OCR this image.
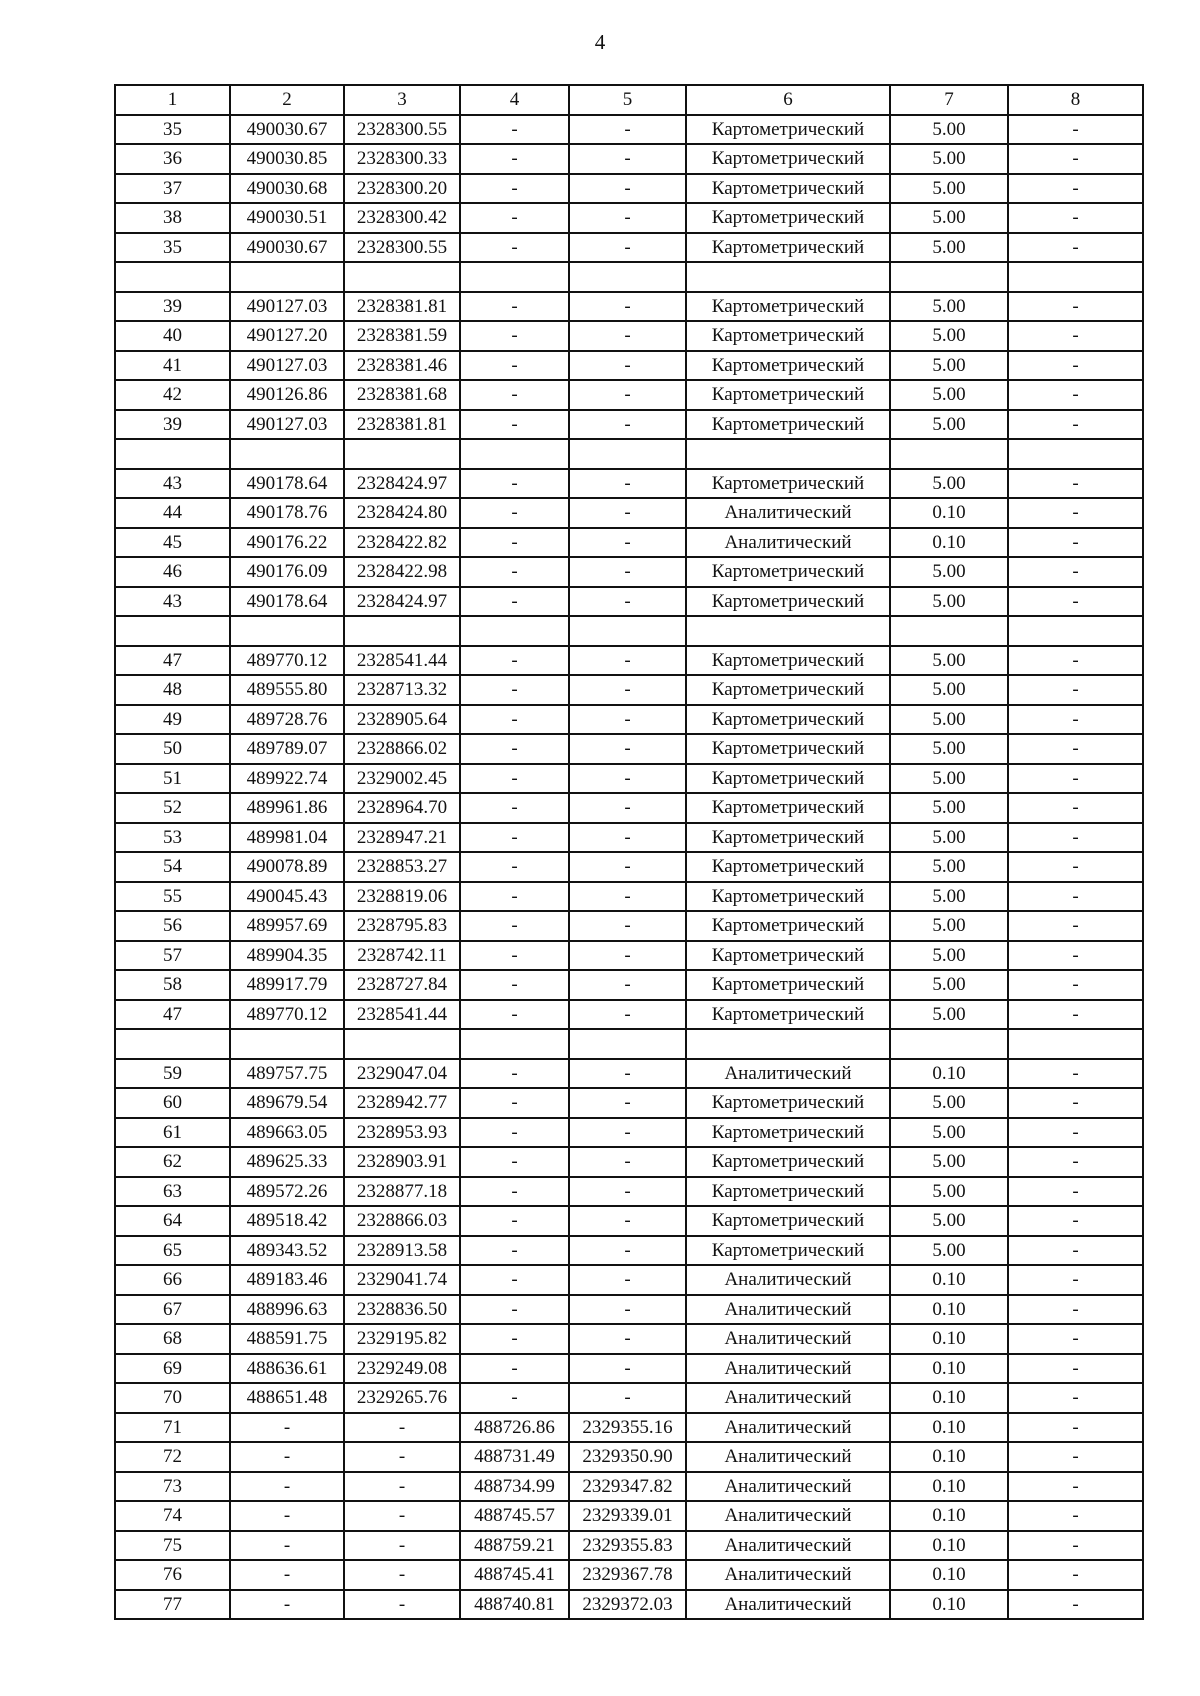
4
1	2	3	4	5	6	7	8
35	490030.67	2328300.55	-	-	Картометрический	5.00	-
36	490030.85	2328300.33	-	-	Картометрический	5.00	-
37	490030.68	2328300.20	-	-	Картометрический	5.00	-
38	490030.51	2328300.42	-	-	Картометрический	5.00	-
35	490030.67	2328300.55	-	-	Картометрический	5.00	-

39	490127.03	2328381.81	-	-	Картометрический	5.00	-
40	490127.20	2328381.59	-	-	Картометрический	5.00	-
41	490127.03	2328381.46	-	-	Картометрический	5.00	-
42	490126.86	2328381.68	-	-	Картометрический	5.00	-
39	490127.03	2328381.81	-	-	Картометрический	5.00	-

43	490178.64	2328424.97	-	-	Картометрический	5.00	-
44	490178.76	2328424.80	-	-	Аналитический	0.10	-
45	490176.22	2328422.82	-	-	Аналитический	0.10	-
46	490176.09	2328422.98	-	-	Картометрический	5.00	-
43	490178.64	2328424.97	-	-	Картометрический	5.00	-

47	489770.12	2328541.44	-	-	Картометрический	5.00	-
48	489555.80	2328713.32	-	-	Картометрический	5.00	-
49	489728.76	2328905.64	-	-	Картометрический	5.00	-
50	489789.07	2328866.02	-	-	Картометрический	5.00	-
51	489922.74	2329002.45	-	-	Картометрический	5.00	-
52	489961.86	2328964.70	-	-	Картометрический	5.00	-
53	489981.04	2328947.21	-	-	Картометрический	5.00	-
54	490078.89	2328853.27	-	-	Картометрический	5.00	-
55	490045.43	2328819.06	-	-	Картометрический	5.00	-
56	489957.69	2328795.83	-	-	Картометрический	5.00	-
57	489904.35	2328742.11	-	-	Картометрический	5.00	-
58	489917.79	2328727.84	-	-	Картометрический	5.00	-
47	489770.12	2328541.44	-	-	Картометрический	5.00	-

59	489757.75	2329047.04	-	-	Аналитический	0.10	-
60	489679.54	2328942.77	-	-	Картометрический	5.00	-
61	489663.05	2328953.93	-	-	Картометрический	5.00	-
62	489625.33	2328903.91	-	-	Картометрический	5.00	-
63	489572.26	2328877.18	-	-	Картометрический	5.00	-
64	489518.42	2328866.03	-	-	Картометрический	5.00	-
65	489343.52	2328913.58	-	-	Картометрический	5.00	-
66	489183.46	2329041.74	-	-	Аналитический	0.10	-
67	488996.63	2328836.50	-	-	Аналитический	0.10	-
68	488591.75	2329195.82	-	-	Аналитический	0.10	-
69	488636.61	2329249.08	-	-	Аналитический	0.10	-
70	488651.48	2329265.76	-	-	Аналитический	0.10	-
71	-	-	488726.86	2329355.16	Аналитический	0.10	-
72	-	-	488731.49	2329350.90	Аналитический	0.10	-
73	-	-	488734.99	2329347.82	Аналитический	0.10	-
74	-	-	488745.57	2329339.01	Аналитический	0.10	-
75	-	-	488759.21	2329355.83	Аналитический	0.10	-
76	-	-	488745.41	2329367.78	Аналитический	0.10	-
77	-	-	488740.81	2329372.03	Аналитический	0.10	-
